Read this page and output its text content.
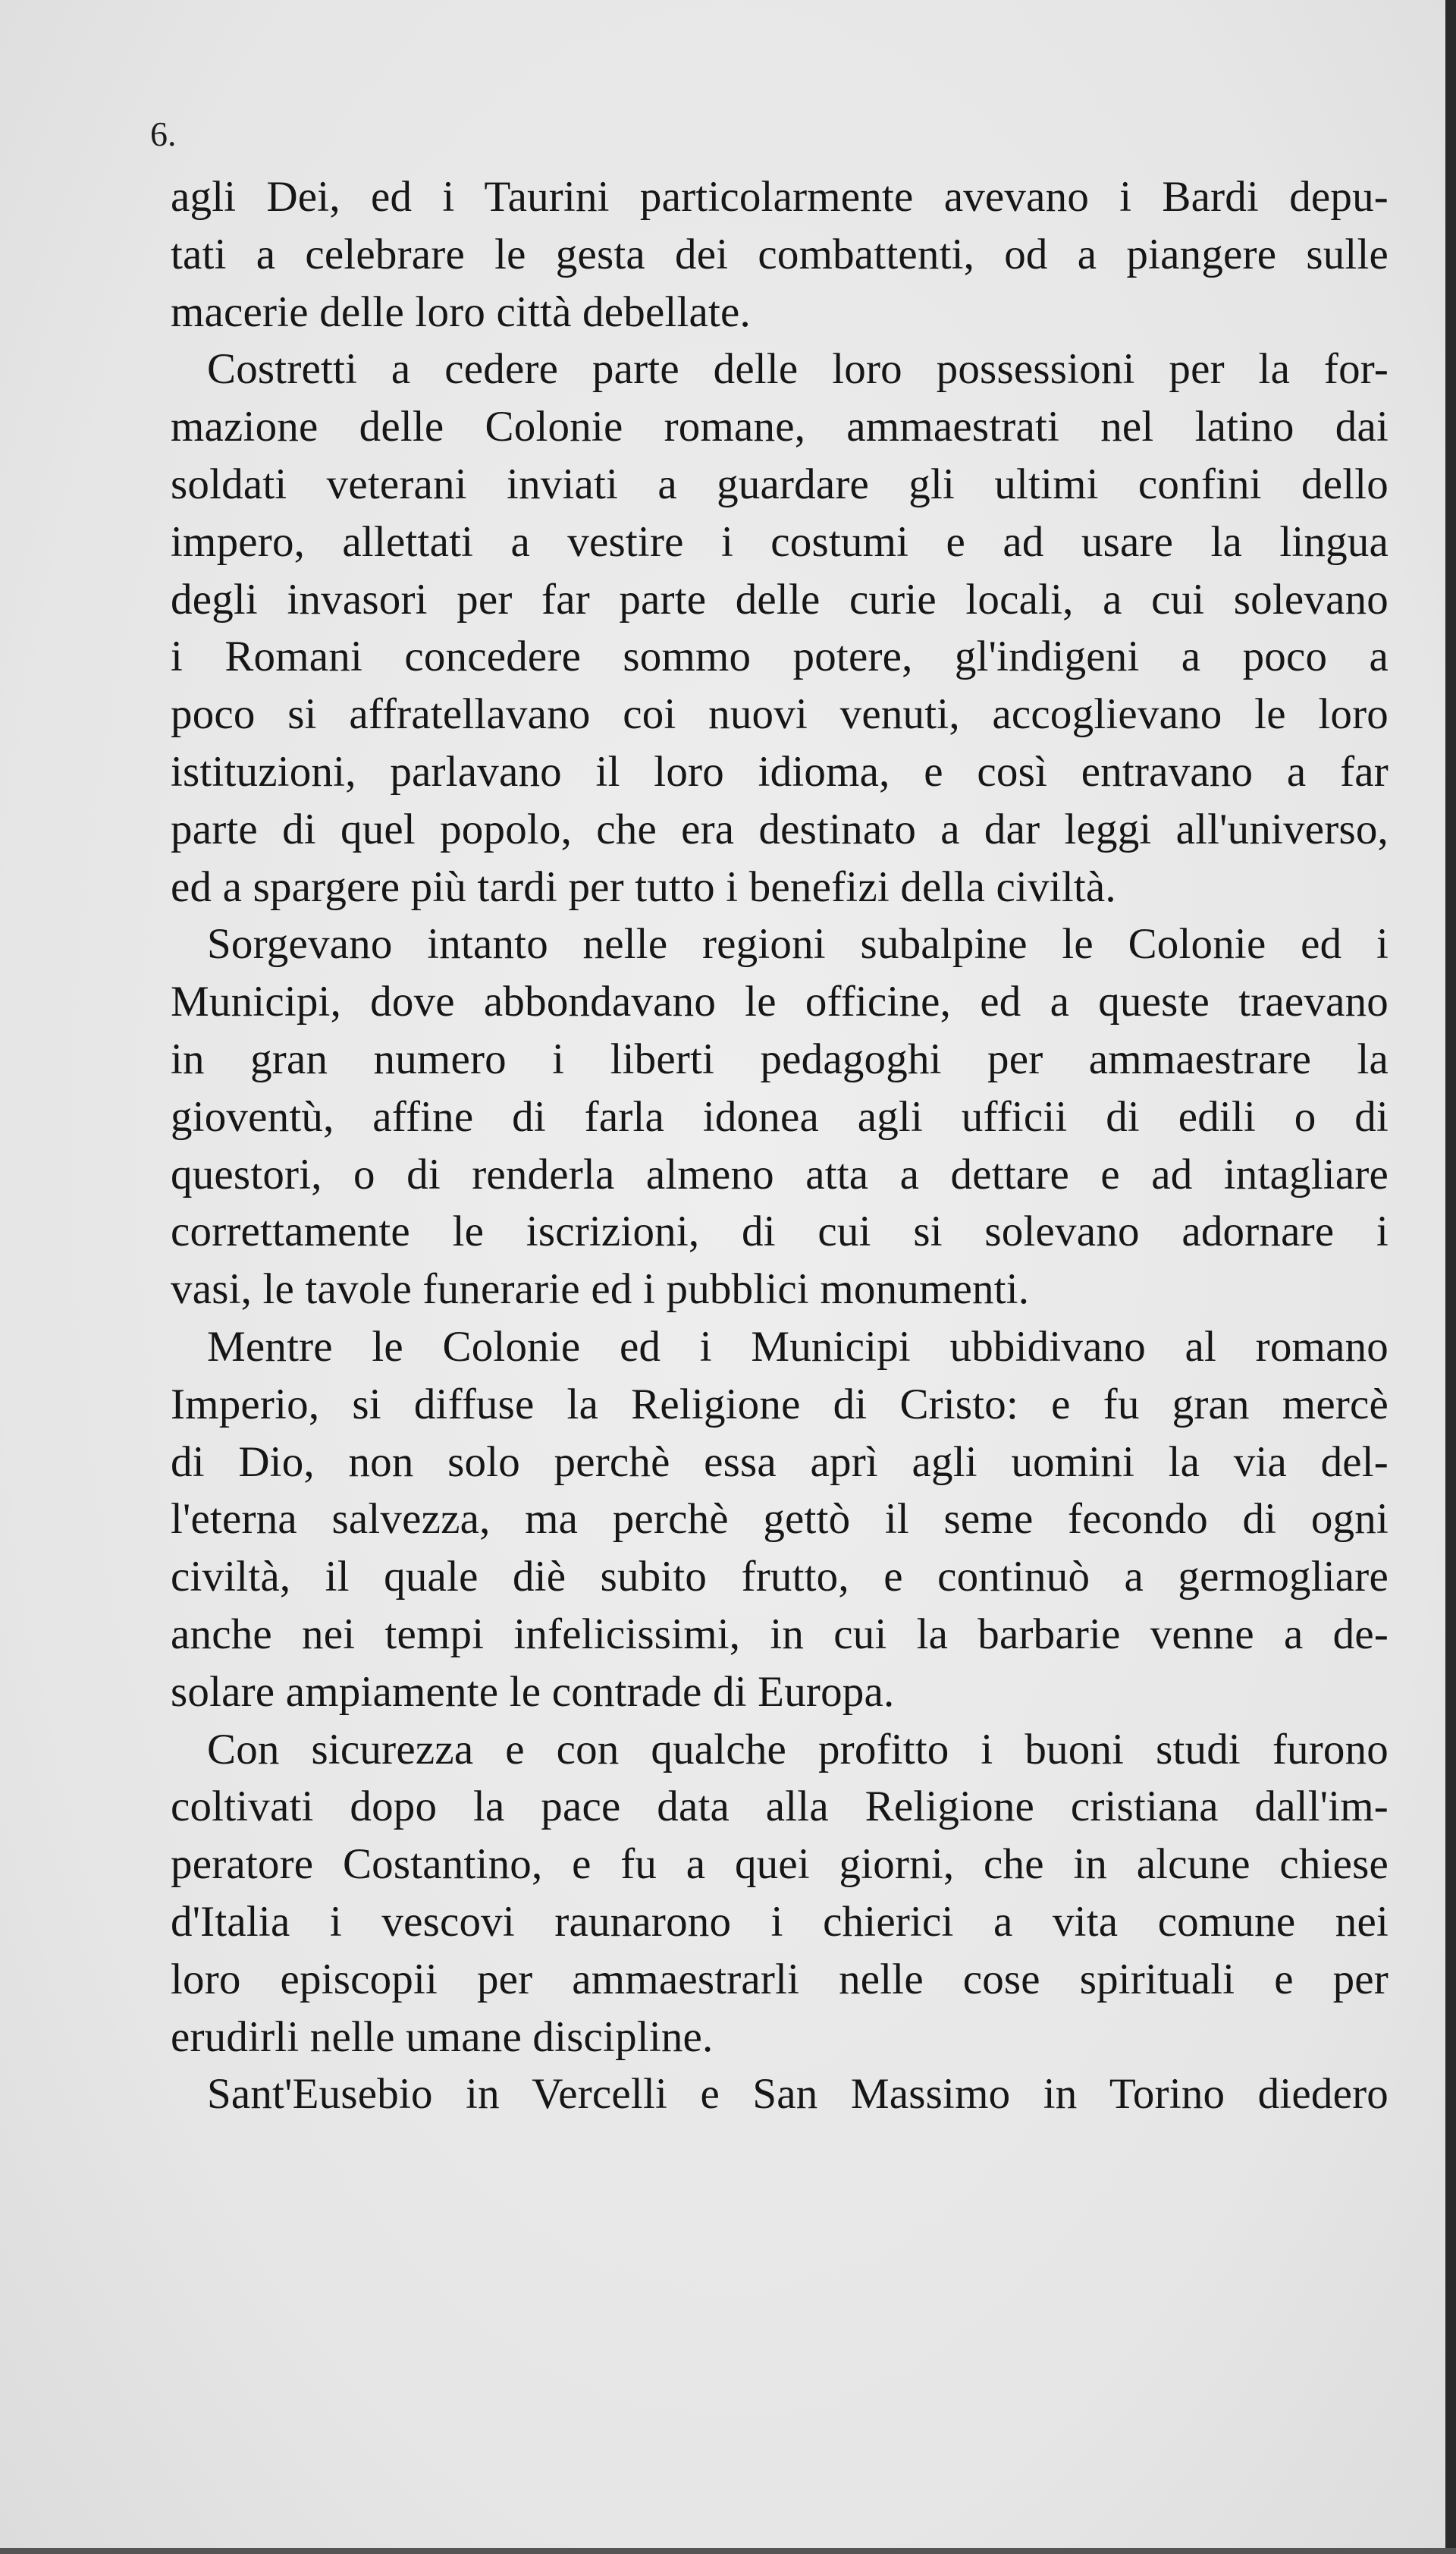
6.

agli Dei, ed i Taurini particolarmente avevano i Bardi depu-
tati a celebrare le gesta dei combattenti, od a piangere sulle
macerie delle loro città debellate.

Costretti a cedere parte delle loro possessioni per la for-
mazione delle Colonie romane, ammaestrati nel latino dai
soldati veterani inviati a guardare gli ultimi confini dello
impero, allettati a vestire i costumi e ad usare la lingua
degli invasori per far parte delle curie locali, a cui solevano
i Romani concedere sommo potere, gl'indigeni a poco a
poco si affratellavano coi nuovi venuti, accoglievano le loro
istituzioni, parlavano il loro idioma, e così entravano a far
parte di quel popolo, che era destinato a dar leggi all'universo,
ed a spargere più tardi per tutto i benefizi della civiltà.

Sorgevano intanto nelle regioni subalpine le Colonie ed i
Municipi, dove abbondavano le officine, ed a queste traevano
in gran numero i liberti pedagoghi per ammaestrare la
gioventù, affine di farla idonea agli ufficii di edili o di
questori, o di renderla almeno atta a dettare e ad intagliare
correttamente le iscrizioni, di cui si solevano adornare i
vasi, le tavole funerarie ed i pubblici monumenti.

Mentre le Colonie ed i Municipi ubbidivano al romano
Imperio, si diffuse la Religione di Cristo: e fu gran mercè
di Dio, non solo perchè essa aprì agli uomini la via del-
l'eterna salvezza, ma perchè gettò il seme fecondo di ogni
civiltà, il quale diè subito frutto, e continuò a germogliare
anche nei tempi infelicissimi, in cui la barbarie venne a de-
solare ampiamente le contrade di Europa.

Con sicurezza e con qualche profitto i buoni studi furono
coltivati dopo la pace data alla Religione cristiana dall'im-
peratore Costantino, e fu a quei giorni, che in alcune chiese
d'Italia i vescovi raunarono i chierici a vita comune nei
loro episcopii per ammaestrarli nelle cose spirituali e per
erudirli nelle umane discipline.

Sant'Eusebio in Vercelli e San Massimo in Torino diedero
